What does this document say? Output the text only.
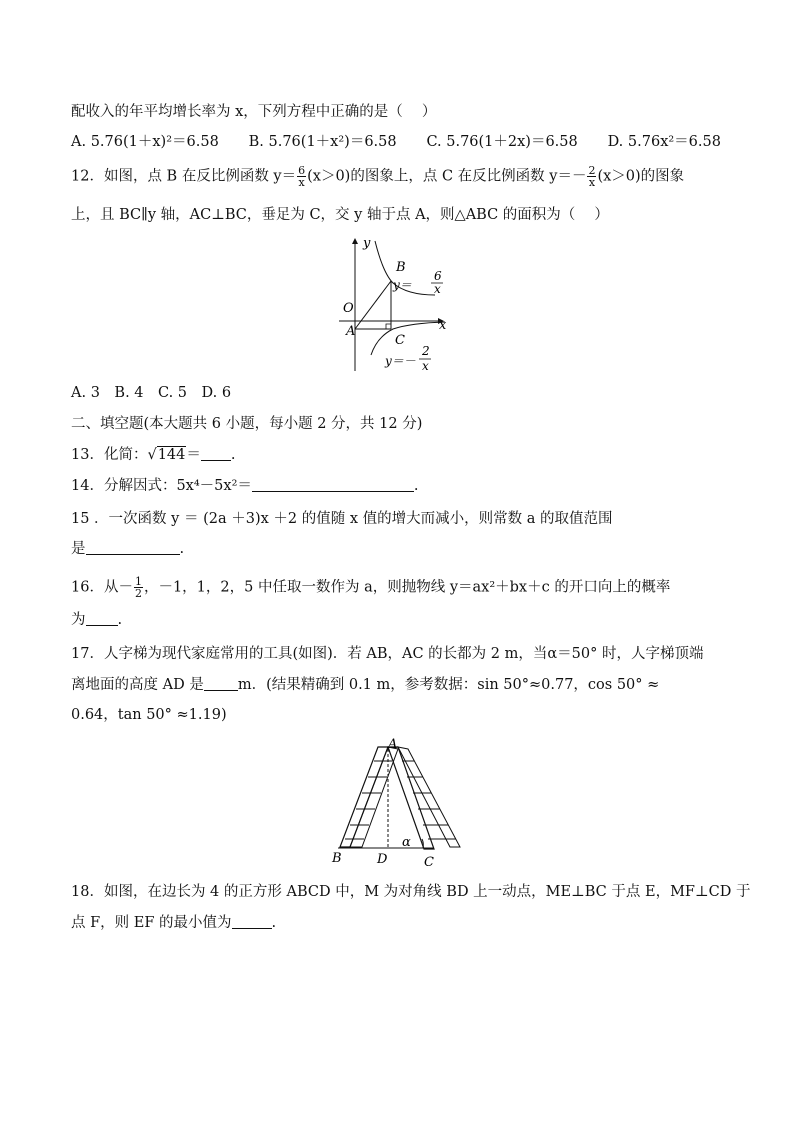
配收入的年平均增长率为 x，下列方程中正确的是（　 ）
A. 5.76(1＋x)²＝6.58 B. 5.76(1＋x²)＝6.58 C. 5.76(1＋2x)＝6.58 D. 5.76x²＝6.58
12．如图，点 B 在反比例函数 $y= \frac{6}{x} (x>0)$的图象上，点 C 在反比例函数 $y=- \frac{2}{x} (x>0)$的图象
上，且 BC∥y 轴，AC⊥BC，垂足为 C，交 y 轴于点 A，则△ABC 的面积为（　 ）
y
x
O
A
B
C
y＝
6
x
y＝－
2
x
A. 3　B. 4　C. 5　D. 6
二、填空题(本大题共 6 小题，每小题 2 分，共 12 分)
13．化简：√144＝ .
14．分解因式：5x⁴－5x²＝	.
15 ．一次函数 y ＝ (2a ＋3)x ＋2 的值随 x 值的增大而减小，则常数 a 的取值范围
是	.
16．从－ $\frac{1}{2}$ ，－1，1，2，5 中任取一数作为 a，则抛物线 y＝ax²＋bx＋c 的开口向上的概率
为 .
17．人字梯为现代家庭常用的工具(如图)．若 AB，AC 的长都为 2 m，当α＝50° 时，人字梯顶端
离地面的高度 AD 是 m．(结果精确到 0.1 m，参考数据：sin 50°≈0.77，cos 50° ≈
0.64，tan 50° ≈1.19)
A
B	D	C
α
18．如图，在边长为 4 的正方形 ABCD 中，M 为对角线 BD 上一动点，ME⊥BC 于点 E，MF⊥CD 于
点 F，则 EF 的最小值为	.
